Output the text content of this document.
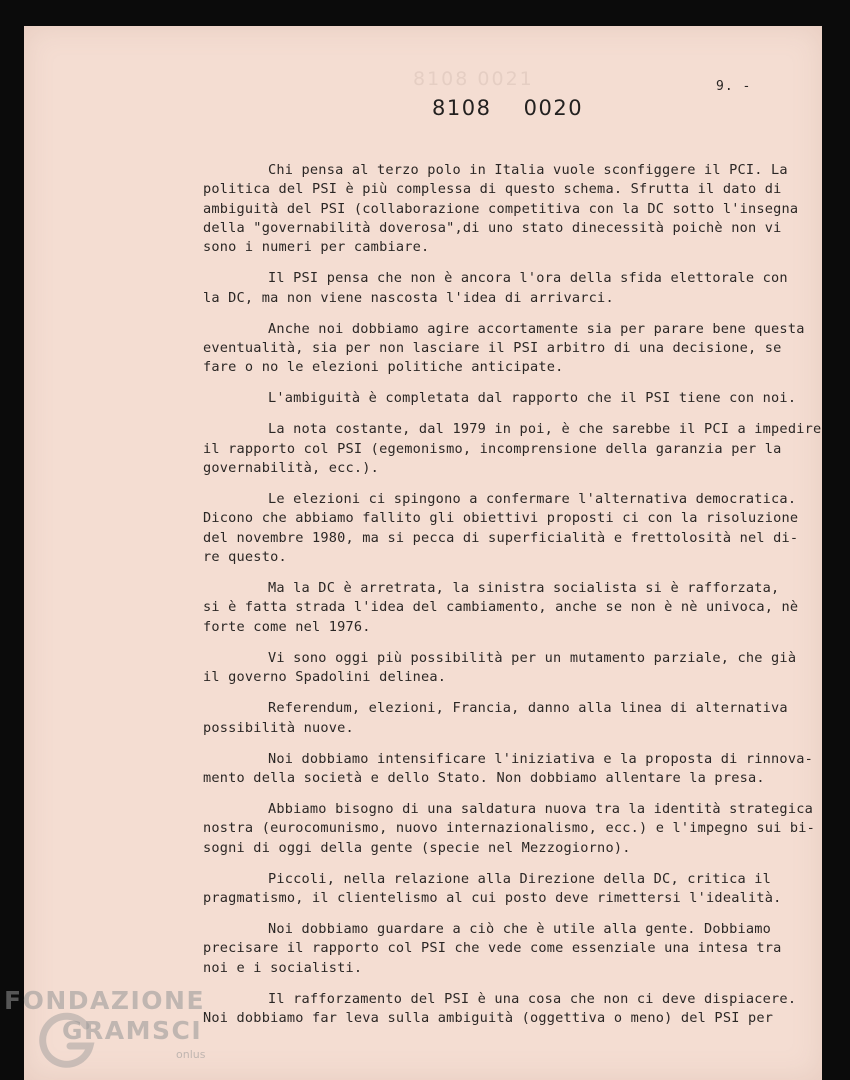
8108 0021	9. -
8108 0020
Chi pensa al terzo polo in Italia vuole sconfiggere il PCI. La
politica del PSI è più complessa di questo schema. Sfrutta il dato di
ambiguità del PSI (collaborazione competitiva con la DC sotto l'insegna
della "governabilità doverosa",di uno stato dinecessità poichè non vi
sono i numeri per cambiare.
Il PSI pensa che non è ancora l'ora della sfida elettorale con
la DC, ma non viene nascosta l'idea di arrivarci.
Anche noi dobbiamo agire accortamente sia per parare bene questa
eventualità, sia per non lasciare il PSI arbitro di una decisione, se
fare o no le elezioni politiche anticipate.
L'ambiguità è completata dal rapporto che il PSI tiene con noi.
La nota costante, dal 1979 in poi, è che sarebbe il PCI a impedire
il rapporto col PSI (egemonismo, incomprensione della garanzia per la
governabilità, ecc.).
Le elezioni ci spingono a confermare l'alternativa democratica.
Dicono che abbiamo fallito gli obiettivi proposti ci con la risoluzione
del novembre 1980, ma si pecca di superficialità e frettolosità nel di-
re questo.
Ma la DC è arretrata, la sinistra socialista si è rafforzata,
si è fatta strada l'idea del cambiamento, anche se non è nè univoca, nè
forte come nel 1976.
Vi sono oggi più possibilità per un mutamento parziale, che già
il governo Spadolini delinea.
Referendum, elezioni, Francia, danno alla linea di alternativa
possibilità nuove.
Noi dobbiamo intensificare l'iniziativa e la proposta di rinnova-
mento della società e dello Stato. Non dobbiamo allentare la presa.
Abbiamo bisogno di una saldatura nuova tra la identità strategica
nostra (eurocomunismo, nuovo internazionalismo, ecc.) e l'impegno sui bi-
sogni di oggi della gente (specie nel Mezzogiorno).
Piccoli, nella relazione alla Direzione della DC, critica il
pragmatismo, il clientelismo al cui posto deve rimettersi l'idealità.
Noi dobbiamo guardare a ciò che è utile alla gente. Dobbiamo
precisare il rapporto col PSI che vede come essenziale una intesa tra
noi e i socialisti.
Il rafforzamento del PSI è una cosa che non ci deve dispiacere.
Noi dobbiamo far leva sulla ambiguità (oggettiva o meno) del PSI per
FONDAZIONE
GRAMSCI
onlus
